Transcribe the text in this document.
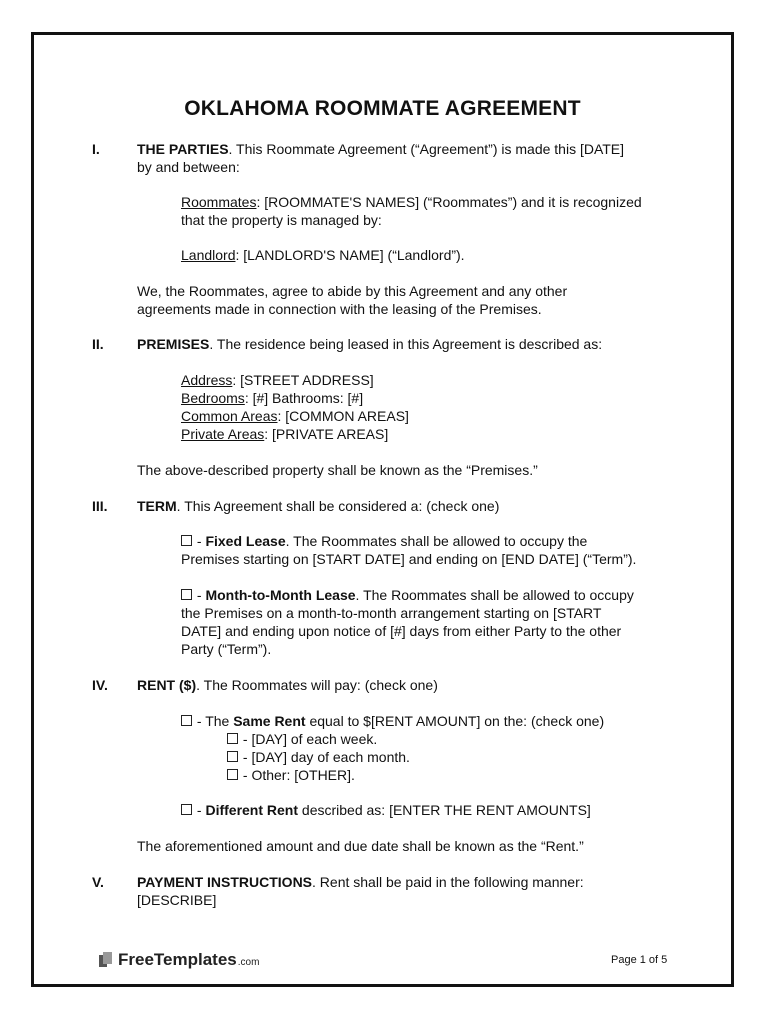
OKLAHOMA ROOMMATE AGREEMENT
I.	THE PARTIES. This Roommate Agreement (“Agreement”) is made this [DATE]
by and between:
Roommates: [ROOMMATE'S NAMES] (“Roommates”) and it is recognized
that the property is managed by:
Landlord: [LANDLORD'S NAME] (“Landlord”).
We, the Roommates, agree to abide by this Agreement and any other
agreements made in connection with the leasing of the Premises.
II. PREMISES. The residence being leased in this Agreement is described as:
Address: [STREET ADDRESS]
Bedrooms: [#] Bathrooms: [#]
Common Areas: [COMMON AREAS]
Private Areas: [PRIVATE AREAS]
The above-described property shall be known as the “Premises.”
III. TERM. This Agreement shall be considered a: (check one)
- Fixed Lease. The Roommates shall be allowed to occupy the
Premises starting on [START DATE] and ending on [END DATE] (“Term”).
- Month-to-Month Lease. The Roommates shall be allowed to occupy
the Premises on a month-to-month arrangement starting on [START
DATE] and ending upon notice of [#] days from either Party to the other
Party (“Term”).
IV. RENT ($). The Roommates will pay: (check one)
- The Same Rent equal to $[RENT AMOUNT] on the: (check one)
- [DAY] of each week.
- [DAY] day of each month.
- Other: [OTHER].
- Different Rent described as: [ENTER THE RENT AMOUNTS]
The aforementioned amount and due date shall be known as the “Rent.”
V. PAYMENT INSTRUCTIONS. Rent shall be paid in the following manner:
[DESCRIBE]
FreeTemplates .com	Page 1 of 5
